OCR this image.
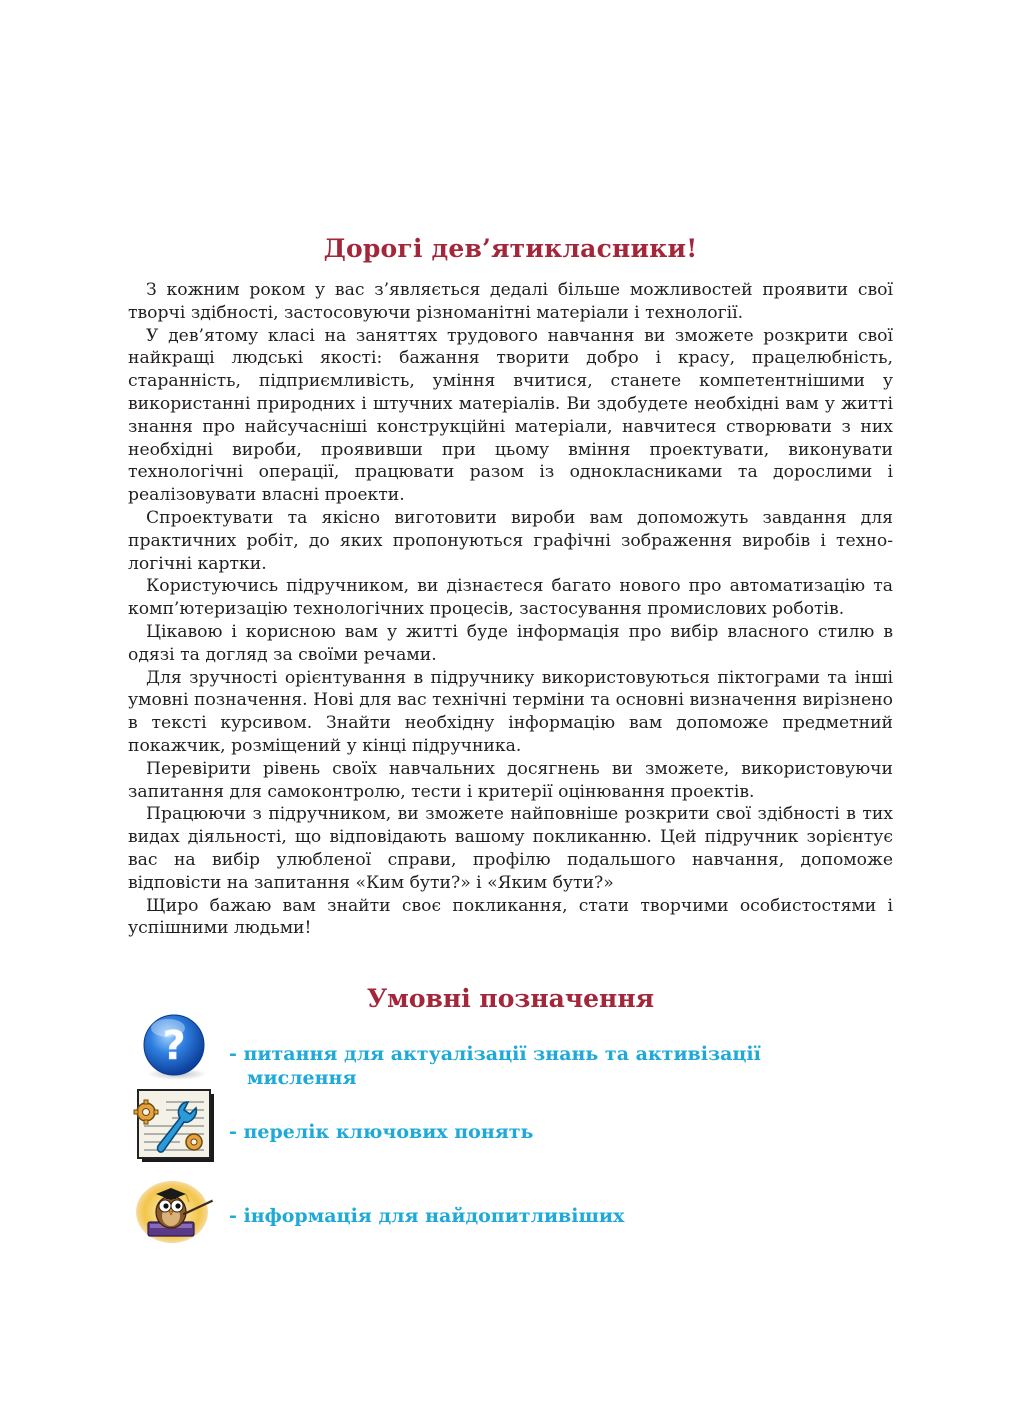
Дорогі дев’ятикласники!

З кожним роком у вас з’являється дедалі більше можливостей проявити свої творчі здібності, застосовуючи різноманітні матеріали і технології.

У дев’ятому класі на заняттях трудового навчання ви зможете розкрити свої найкращі людські якості: бажання творити добро і красу, працелюбність, старанність, підприємливість, уміння вчитися, станете компетентнішими у використанні природних і штучних матеріалів. Ви здобудете необхідні вам у житті знання про найсучасніші конструкційні матеріали, навчитеся створювати з них необхідні вироби, проявивши при цьому вміння проектувати, виконувати технологічні операції, працювати разом із однокласниками та дорослими і реалізовувати власні проекти.

Спроектувати та якісно виготовити вироби вам допоможуть завдання для практичних робіт, до яких пропонуються графічні зображення виробів і технологічні картки.

Користуючись підручником, ви дізнаєтеся багато нового про автоматизацію та комп’ютеризацію технологічних процесів, застосування промислових роботів.

Цікавою і корисною вам у житті буде інформація про вибір власного стилю в одязі та догляд за своїми речами.

Для зручності орієнтування в підручнику використовуються піктограми та інші умовні позначення. Нові для вас технічні терміни та основні визначення вирізнено в тексті курсивом. Знайти необхідну інформацію вам допоможе предметний покажчик, розміщений у кінці підручника.

Перевірити рівень своїх навчальних досягнень ви зможете, використовуючи запитання для самоконтролю, тести і критерії оцінювання проектів.

Працюючи з підручником, ви зможете найповніше розкрити свої здібності в тих видах діяльності, що відповідають вашому покликанню. Цей підручник зорієнтує вас на вибір улюбленої справи, профілю подальшого навчання, допоможе відповісти на запитання «Ким бути?» і «Яким бути?»

Щиро бажаю вам знайти своє покликання, стати творчими особистостями і успішними людьми!

Умовні позначення
? - питання для актуалізації знань та активізації
мислення
- перелік ключових понять
- інформація для найдопитливіших
